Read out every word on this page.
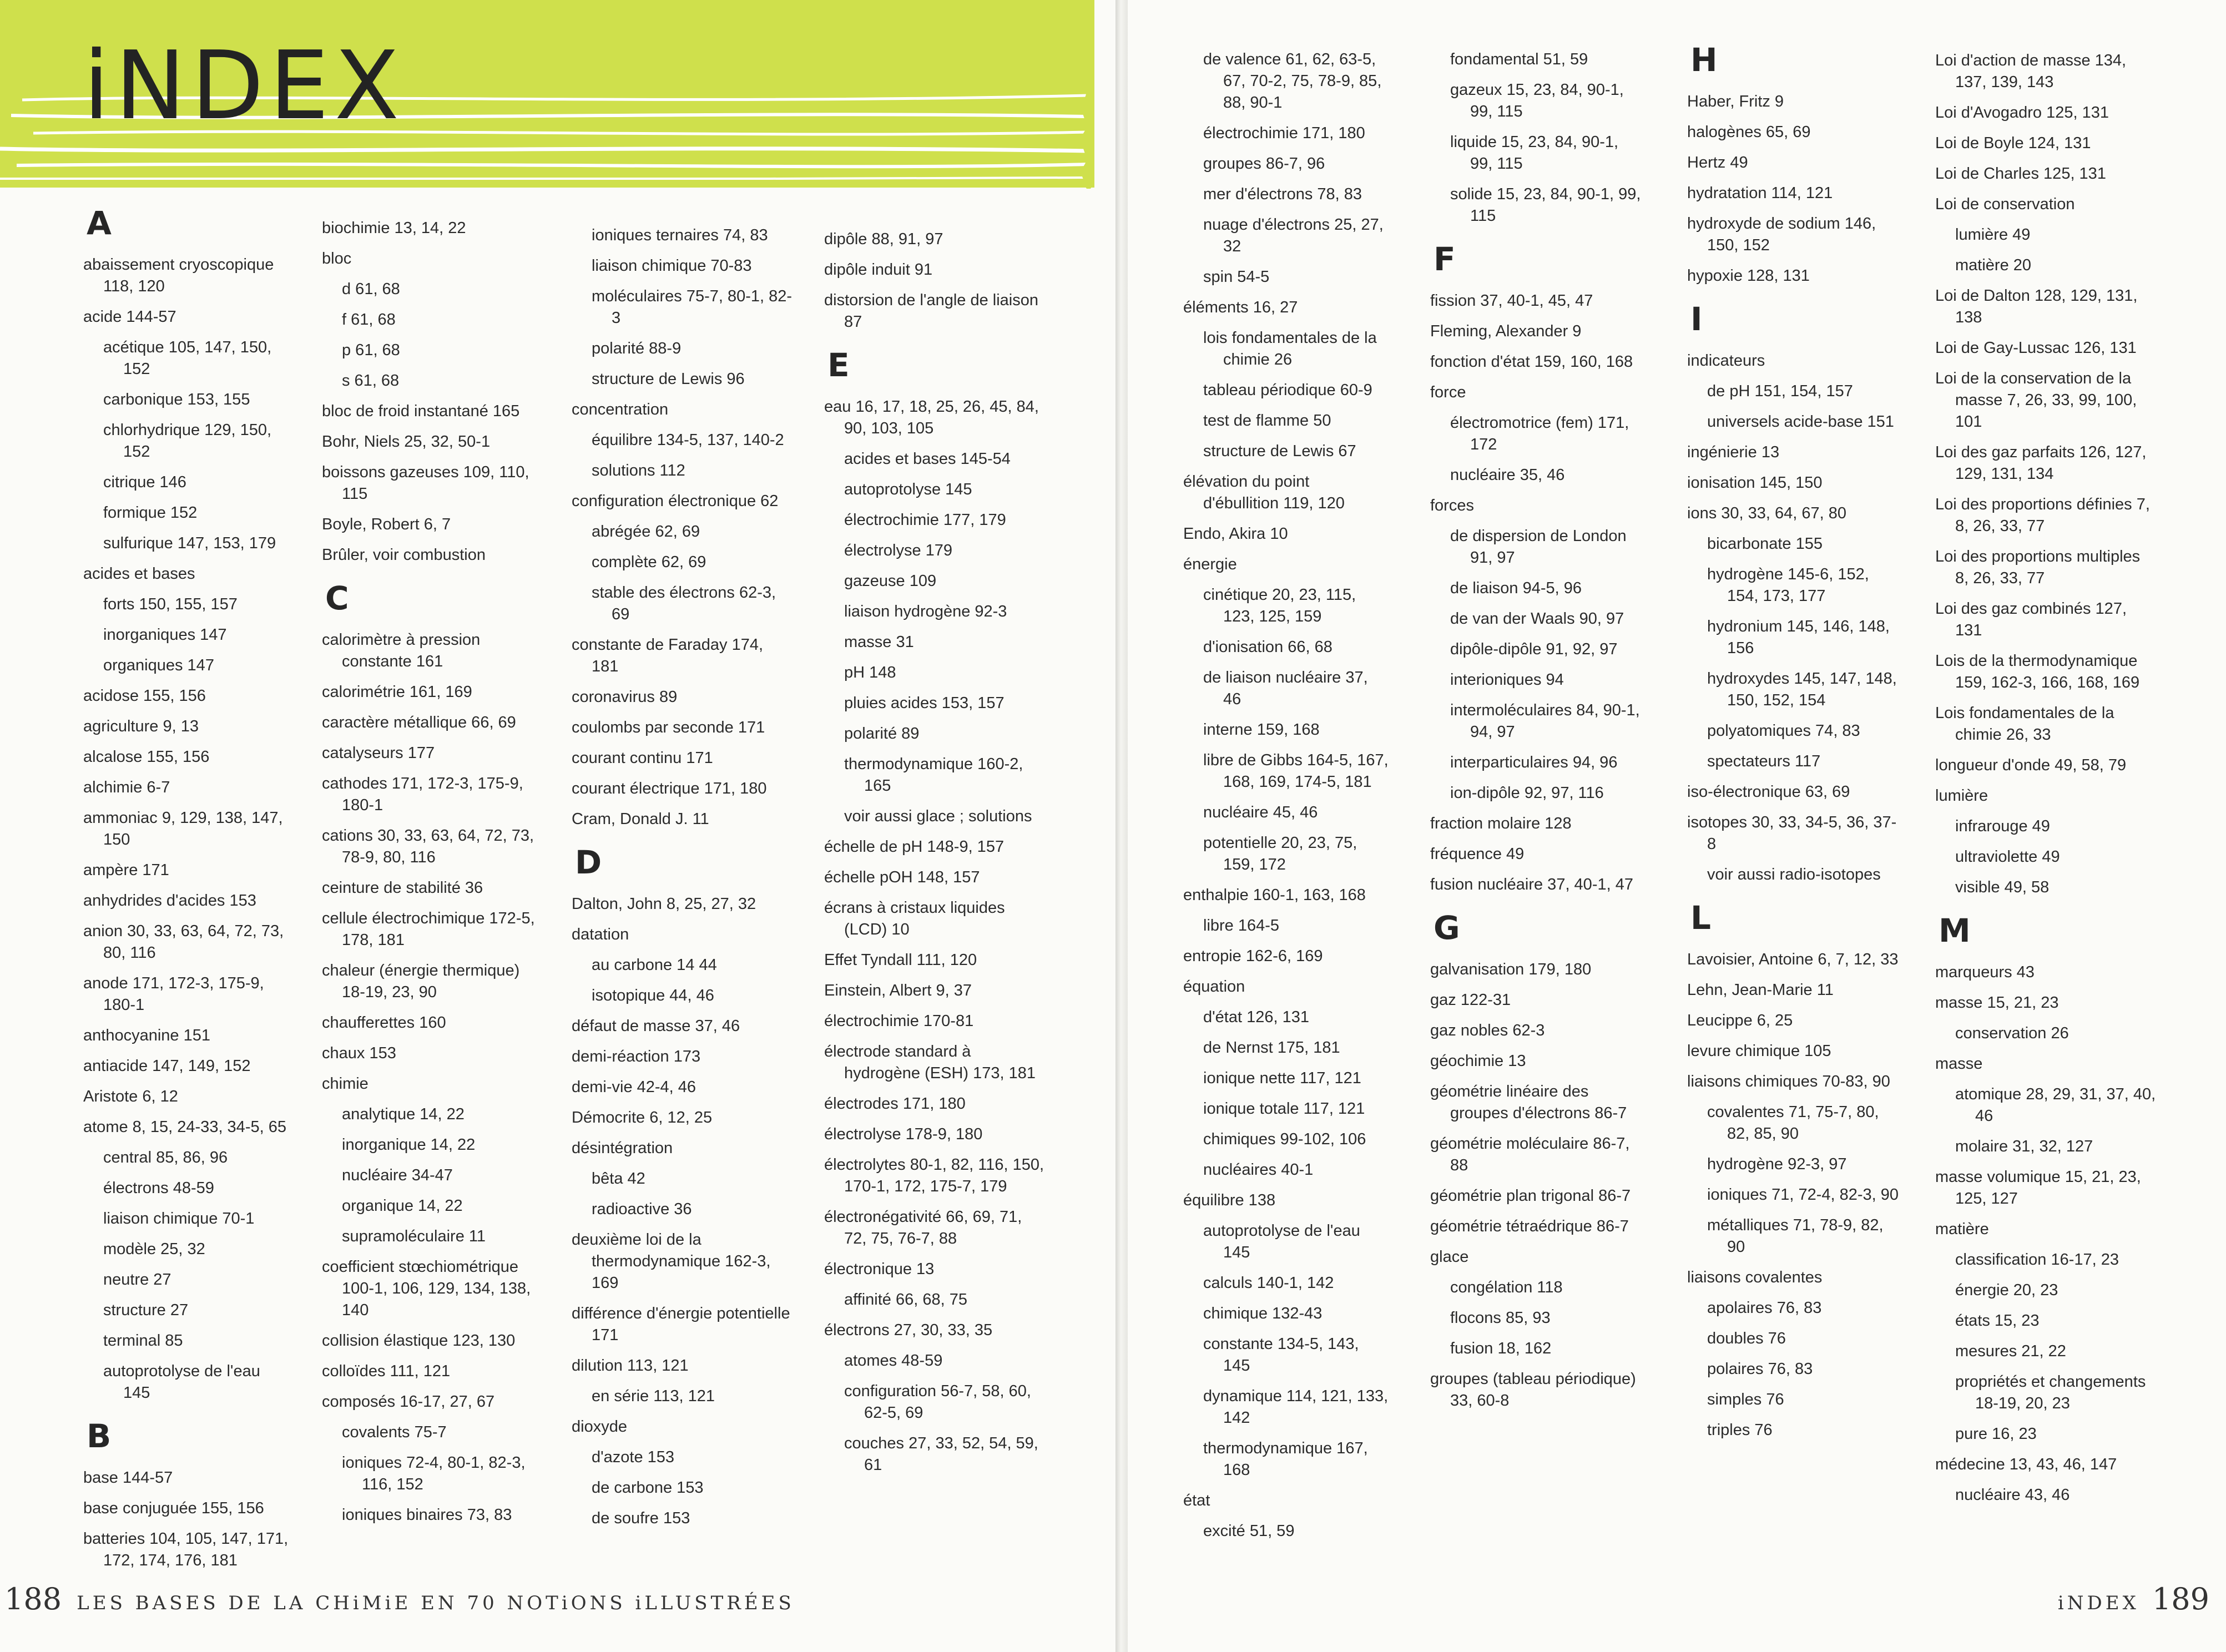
iNDEX
A
abaissement cryoscopique 118, 120
acide 144-57
acétique 105, 147, 150, 152
carbonique 153, 155
chlorhydrique 129, 150, 152
citrique 146
formique 152
sulfurique 147, 153, 179
acides et bases
forts 150, 155, 157
inorganiques 147
organiques 147
acidose 155, 156
agriculture 9, 13
alcalose 155, 156
alchimie 6-7
ammoniac 9, 129, 138, 147, 150
ampère 171
anhydrides d'acides 153
anion 30, 33, 63, 64, 72, 73, 80, 116
anode 171, 172-3, 175-9, 180-1
anthocyanine 151
antiacide 147, 149, 152
Aristote 6, 12
atome 8, 15, 24-33, 34-5, 65
central 85, 86, 96
électrons 48-59
liaison chimique 70-1
modèle 25, 32
neutre 27
structure 27
terminal 85
autoprotolyse de l'eau 145
B
base 144-57
base conjuguée 155, 156
batteries 104, 105, 147, 171, 172, 174, 176, 181
biochimie 13, 14, 22
bloc
d 61, 68
f 61, 68
p 61, 68
s 61, 68
bloc de froid instantané 165
Bohr, Niels 25, 32, 50-1
boissons gazeuses 109, 110, 115
Boyle, Robert 6, 7
Brûler, voir combustion
C
calorimètre à pression constante 161
calorimétrie 161, 169
caractère métallique 66, 69
catalyseurs 177
cathodes 171, 172-3, 175-9, 180-1
cations 30, 33, 63, 64, 72, 73, 78-9, 80, 116
ceinture de stabilité 36
cellule électrochimique 172-5, 178, 181
chaleur (énergie thermique) 18-19, 23, 90
chaufferettes 160
chaux 153
chimie
analytique 14, 22
inorganique 14, 22
nucléaire 34-47
organique 14, 22
supramoléculaire 11
coefficient stœchiométrique 100-1, 106, 129, 134, 138, 140
collision élastique 123, 130
colloïdes 111, 121
composés 16-17, 27, 67
covalents 75-7
ioniques 72-4, 80-1, 82-3, 116, 152
ioniques binaires 73, 83
ioniques ternaires 74, 83
liaison chimique 70-83
moléculaires 75-7, 80-1, 82-3
polarité 88-9
structure de Lewis 96
concentration
équilibre 134-5, 137, 140-2
solutions 112
configuration électronique 62
abrégée 62, 69
complète 62, 69
stable des électrons 62-3, 69
constante de Faraday 174, 181
coronavirus 89
coulombs par seconde 171
courant continu 171
courant électrique 171, 180
Cram, Donald J. 11
D
Dalton, John 8, 25, 27, 32
datation
au carbone 14 44
isotopique 44, 46
défaut de masse 37, 46
demi-réaction 173
demi-vie 42-4, 46
Démocrite 6, 12, 25
désintégration
bêta 42
radioactive 36
deuxième loi de la thermodynamique 162-3, 169
différence d'énergie potentielle 171
dilution 113, 121
en série 113, 121
dioxyde
d'azote 153
de carbone 153
de soufre 153
dipôle 88, 91, 97
dipôle induit 91
distorsion de l'angle de liaison 87
E
eau 16, 17, 18, 25, 26, 45, 84, 90, 103, 105
acides et bases 145-54
autoprotolyse 145
électrochimie 177, 179
électrolyse 179
gazeuse 109
liaison hydrogène 92-3
masse 31
pH 148
pluies acides 153, 157
polarité 89
thermodynamique 160-2, 165
voir aussi glace ; solutions
échelle de pH 148-9, 157
échelle pOH 148, 157
écrans à cristaux liquides (LCD) 10
Effet Tyndall 111, 120
Einstein, Albert 9, 37
électrochimie 170-81
électrode standard à hydrogène (ESH) 173, 181
électrodes 171, 180
électrolyse 178-9, 180
électrolytes 80-1, 82, 116, 150, 170-1, 172, 175-7, 179
électronégativité 66, 69, 71, 72, 75, 76-7, 88
électronique 13
affinité 66, 68, 75
électrons 27, 30, 33, 35
atomes 48-59
configuration 56-7, 58, 60, 62-5, 69
couches 27, 33, 52, 54, 59, 61
188 LES BASES DE LA CHiMiE EN 70 NOTiONS iLLUSTRÉES
de valence 61, 62, 63-5, 67, 70-2, 75, 78-9, 85, 88, 90-1
électrochimie 171, 180
groupes 86-7, 96
mer d'électrons 78, 83
nuage d'électrons 25, 27, 32
spin 54-5
éléments 16, 27
lois fondamentales de la chimie 26
tableau périodique 60-9
test de flamme 50
structure de Lewis 67
élévation du point d'ébullition 119, 120
Endo, Akira 10
énergie
cinétique 20, 23, 115, 123, 125, 159
d'ionisation 66, 68
de liaison nucléaire 37, 46
interne 159, 168
libre de Gibbs 164-5, 167, 168, 169, 174-5, 181
nucléaire 45, 46
potentielle 20, 23, 75, 159, 172
enthalpie 160-1, 163, 168
libre 164-5
entropie 162-6, 169
équation
d'état 126, 131
de Nernst 175, 181
ionique nette 117, 121
ionique totale 117, 121
chimiques 99-102, 106
nucléaires 40-1
équilibre 138
autoprotolyse de l'eau 145
calculs 140-1, 142
chimique 132-43
constante 134-5, 143, 145
dynamique 114, 121, 133, 142
thermodynamique 167, 168
état
excité 51, 59
fondamental 51, 59
gazeux 15, 23, 84, 90-1, 99, 115
liquide 15, 23, 84, 90-1, 99, 115
solide 15, 23, 84, 90-1, 99, 115
F
fission 37, 40-1, 45, 47
Fleming, Alexander 9
fonction d'état 159, 160, 168
force
électromotrice (fem) 171, 172
nucléaire 35, 46
forces
de dispersion de London 91, 97
de liaison 94-5, 96
de van der Waals 90, 97
dipôle-dipôle 91, 92, 97
interioniques 94
intermoléculaires 84, 90-1, 94, 97
interparticulaires 94, 96
ion-dipôle 92, 97, 116
fraction molaire 128
fréquence 49
fusion nucléaire 37, 40-1, 47
G
galvanisation 179, 180
gaz 122-31
gaz nobles 62-3
géochimie 13
géométrie linéaire des groupes d'électrons 86-7
géométrie moléculaire 86-7, 88
géométrie plan trigonal 86-7
géométrie tétraédrique 86-7
glace
congélation 118
flocons 85, 93
fusion 18, 162
groupes (tableau périodique) 33, 60-8
H
Haber, Fritz 9
halogènes 65, 69
Hertz 49
hydratation 114, 121
hydroxyde de sodium 146, 150, 152
hypoxie 128, 131
I
indicateurs
de pH 151, 154, 157
universels acide-base 151
ingénierie 13
ionisation 145, 150
ions 30, 33, 64, 67, 80
bicarbonate 155
hydrogène 145-6, 152, 154, 173, 177
hydronium 145, 146, 148, 156
hydroxydes 145, 147, 148, 150, 152, 154
polyatomiques 74, 83
spectateurs 117
iso-électronique 63, 69
isotopes 30, 33, 34-5, 36, 37-8
voir aussi radio-isotopes
L
Lavoisier, Antoine 6, 7, 12, 33
Lehn, Jean-Marie 11
Leucippe 6, 25
levure chimique 105
liaisons chimiques 70-83, 90
covalentes 71, 75-7, 80, 82, 85, 90
hydrogène 92-3, 97
ioniques 71, 72-4, 82-3, 90
métalliques 71, 78-9, 82, 90
liaisons covalentes
apolaires 76, 83
doubles 76
polaires 76, 83
simples 76
triples 76
Loi d'action de masse 134, 137, 139, 143
Loi d'Avogadro 125, 131
Loi de Boyle 124, 131
Loi de Charles 125, 131
Loi de conservation
lumière 49
matière 20
Loi de Dalton 128, 129, 131, 138
Loi de Gay-Lussac 126, 131
Loi de la conservation de la masse 7, 26, 33, 99, 100, 101
Loi des gaz parfaits 126, 127, 129, 131, 134
Loi des proportions définies 7, 8, 26, 33, 77
Loi des proportions multiples 8, 26, 33, 77
Loi des gaz combinés 127, 131
Lois de la thermodynamique 159, 162-3, 166, 168, 169
Lois fondamentales de la chimie 26, 33
longueur d'onde 49, 58, 79
lumière
infrarouge 49
ultraviolette 49
visible 49, 58
M
marqueurs 43
masse 15, 21, 23
conservation 26
masse
atomique 28, 29, 31, 37, 40, 46
molaire 31, 32, 127
masse volumique 15, 21, 23, 125, 127
matière
classification 16-17, 23
énergie 20, 23
états 15, 23
mesures 21, 22
propriétés et changements 18-19, 20, 23
pure 16, 23
médecine 13, 43, 46, 147
nucléaire 43, 46
iNDEX 189
